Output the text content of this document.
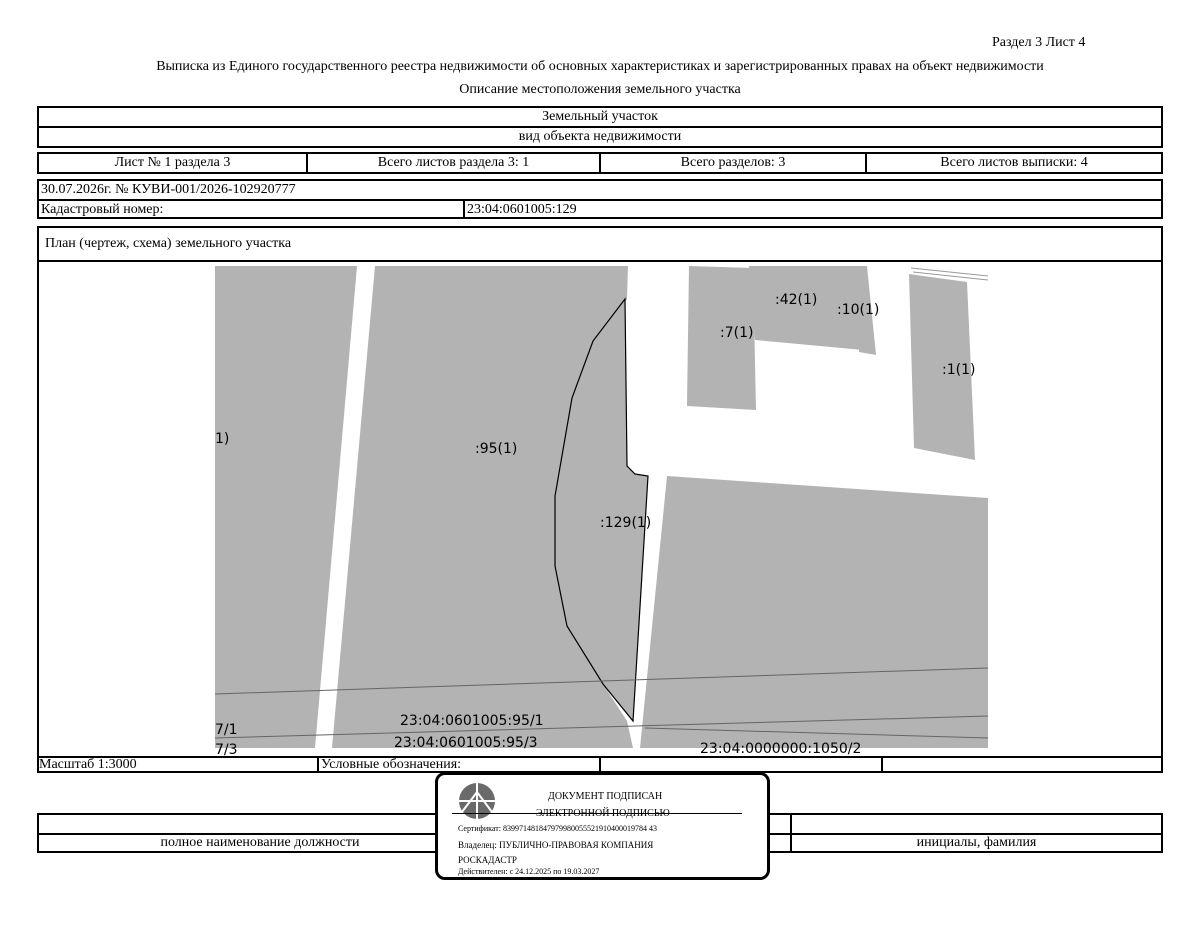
Раздел 3 Лист 4
Выписка из Единого государственного реестра недвижимости об основных характеристиках и зарегистрированных правах на объект недвижимости
Описание местоположения земельного участка
Земельный участок
вид объекта недвижимости
Лист № 1 раздела 3	Всего листов раздела 3: 1	Всего разделов: 3	Всего листов выписки: 4
30.07.2026г. № КУВИ-001/2026-102920777
Кадастровый номер:	23:04:0601005:129
План (чертеж, схема) земельного участка
Масштаб 1:3000	Условные обозначения:
:95(1)
:129(1)
:7(1)
:42(1)
:10(1)
:1(1)
1)
23:04:0601005:95/1
23:04:0601005:95/3
7/1
7/3	23:04:0000000:1050/2
полное наименование должности	инициалы, фамилия
ДОКУМЕНТ ПОДПИСАН
Сертификат: 839971481847979980055521910400019784 43
Владелец: ПУБЛИЧНО-ПРАВОВАЯ КОМПАНИЯ
РОСКАДАСТР
Действителен: с 24.12.2025 по 19.03.2027
